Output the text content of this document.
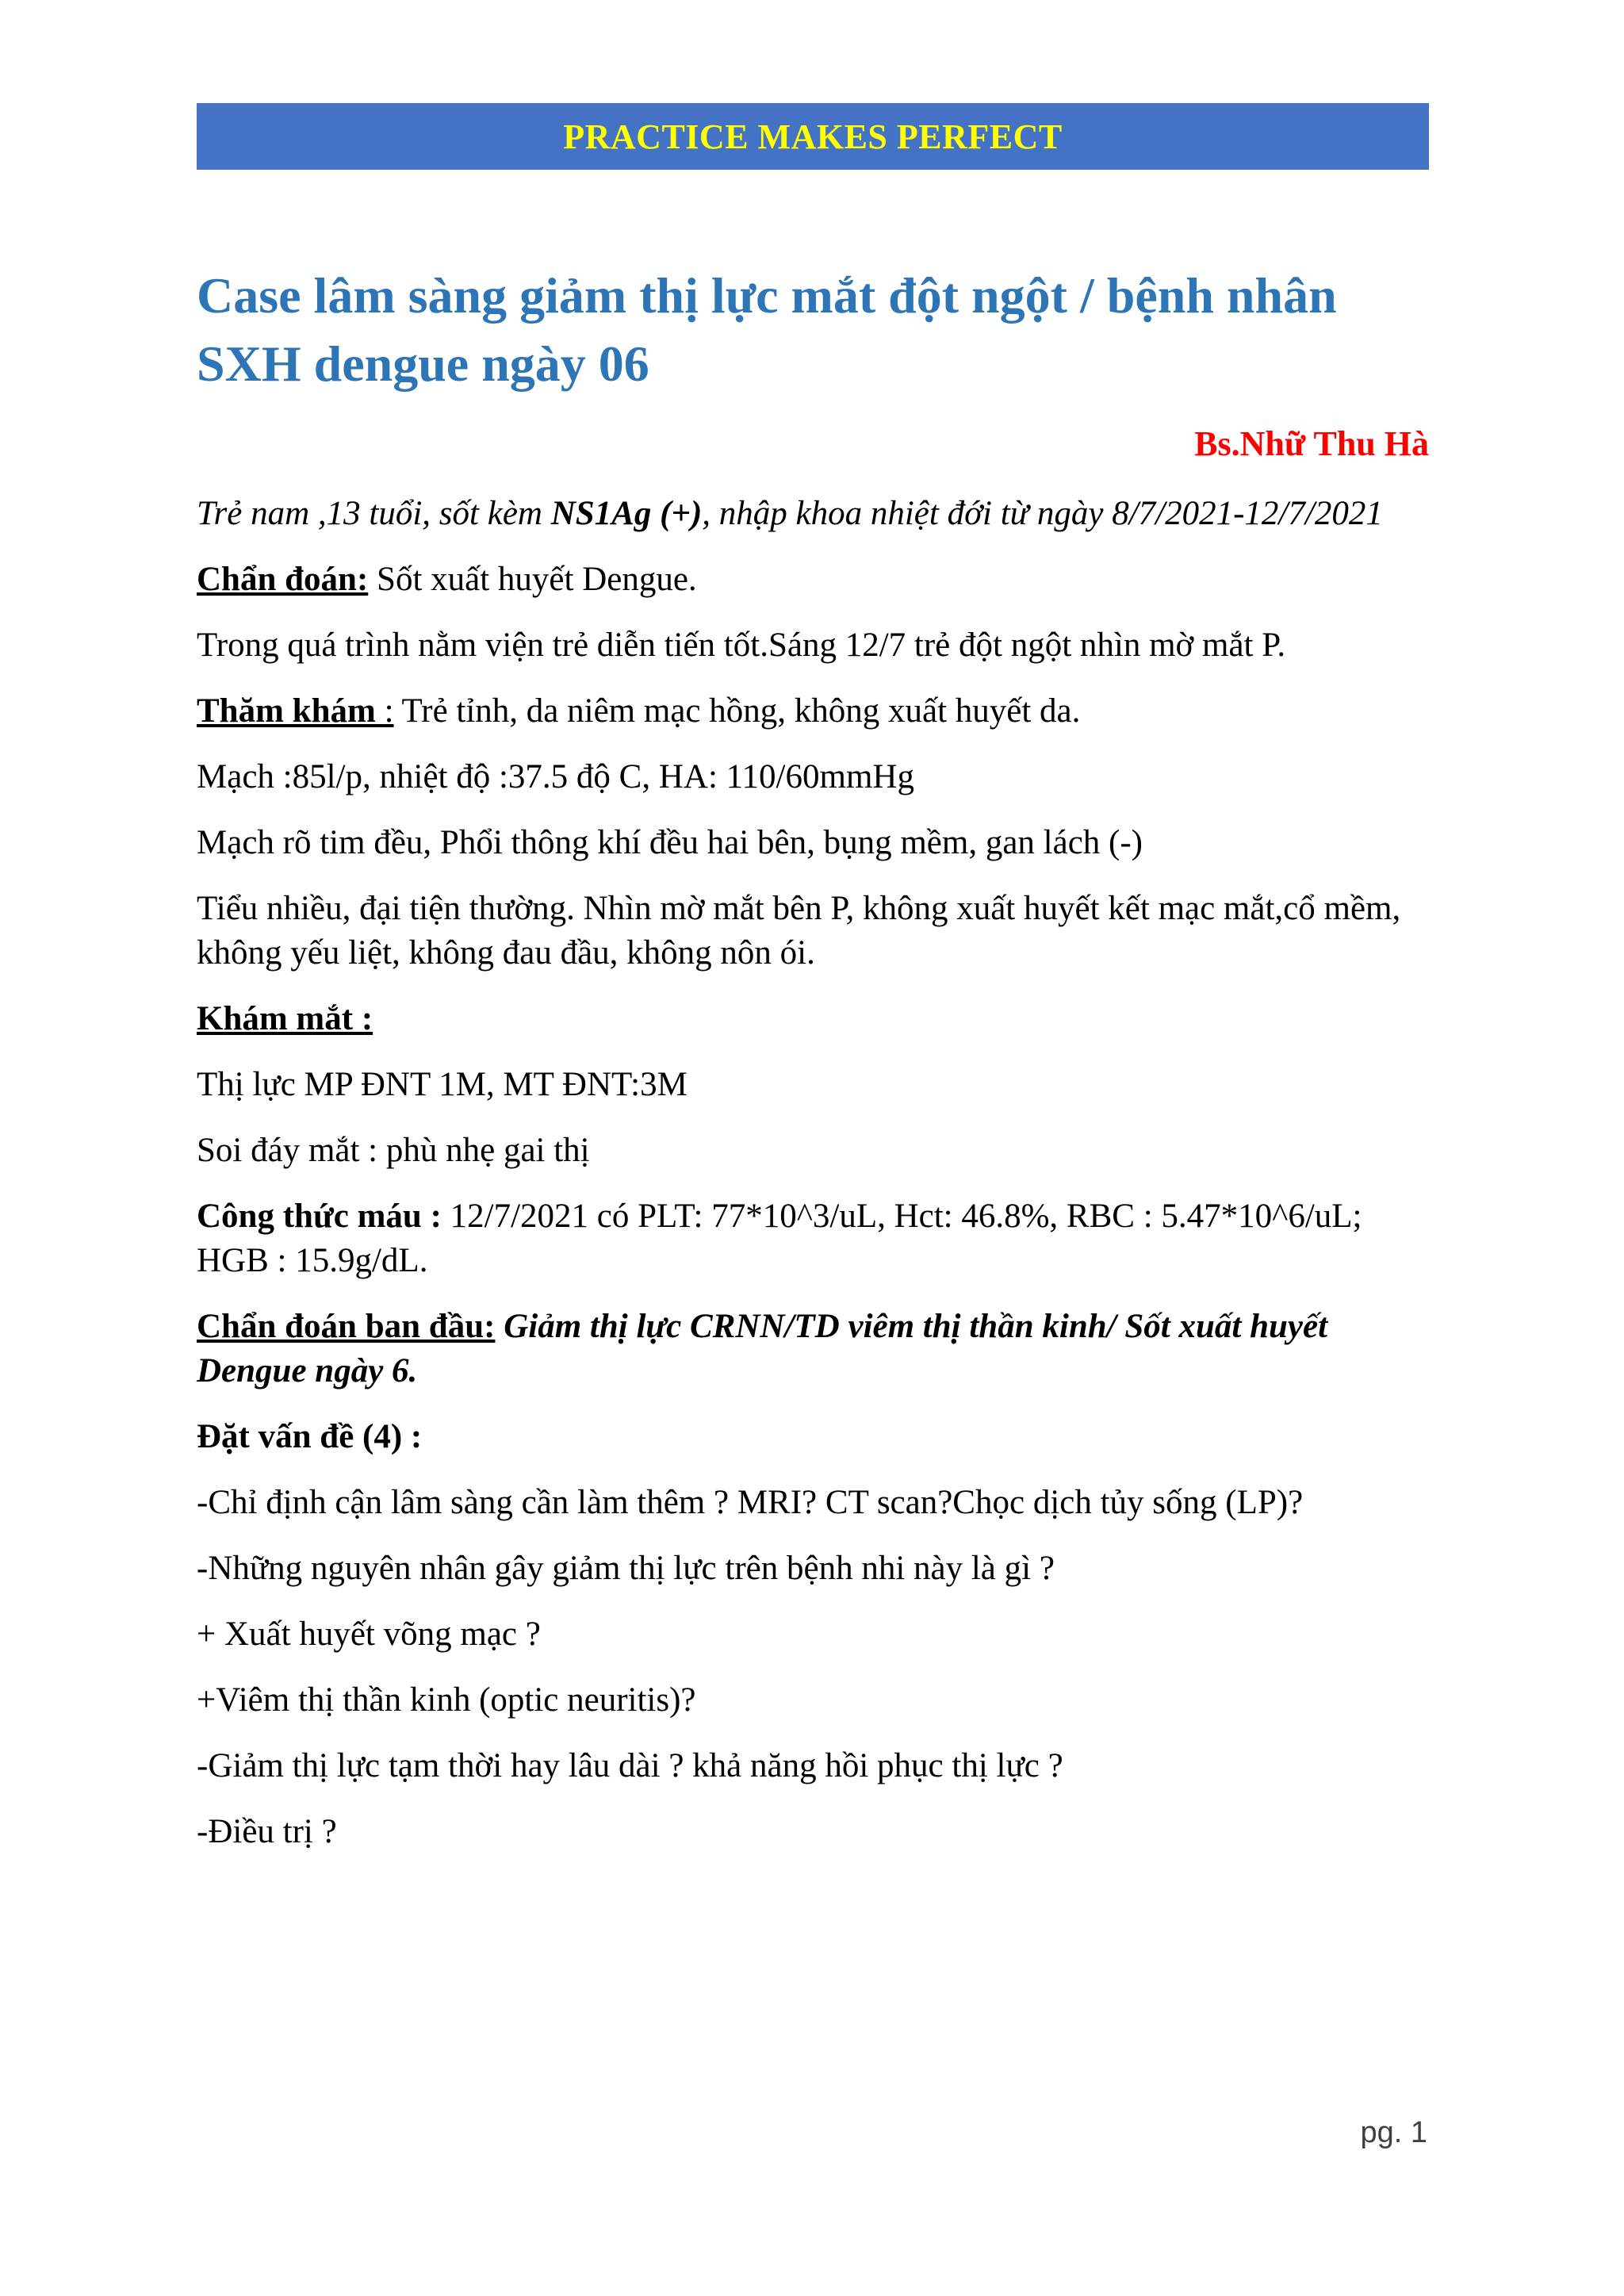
PRACTICE MAKES PERFECT
Case lâm sàng giảm thị lực mắt đột ngột / bệnh nhân SXH dengue ngày 06

Bs.Nhữ Thu Hà

Trẻ nam ,13 tuổi, sốt kèm NS1Ag (+), nhập khoa nhiệt đới từ ngày 8/7/2021-12/7/2021

Chẩn đoán: Sốt xuất huyết Dengue.

Trong quá trình nằm viện trẻ diễn tiến tốt.Sáng 12/7 trẻ đột ngột nhìn mờ mắt P.

Thăm khám : Trẻ tỉnh, da niêm mạc hồng, không xuất huyết da.

Mạch :85l/p, nhiệt độ :37.5 độ C, HA: 110/60mmHg

Mạch rõ tim đều, Phổi thông khí đều hai bên, bụng mềm, gan lách (-)

Tiểu nhiều, đại tiện thường. Nhìn mờ mắt bên P, không xuất huyết kết mạc mắt,cổ mềm, không yếu liệt, không đau đầu, không nôn ói.

Khám mắt :

Thị lực MP ĐNT 1M, MT ĐNT:3M

Soi đáy mắt : phù nhẹ gai thị

Công thức máu : 12/7/2021 có PLT: 77*10^3/uL, Hct: 46.8%, RBC : 5.47*10^6/uL; HGB : 15.9g/dL.

Chẩn đoán ban đầu: Giảm thị lực CRNN/TD viêm thị thần kinh/ Sốt xuất huyết Dengue ngày 6.

Đặt vấn đề (4) :

-Chỉ định cận lâm sàng cần làm thêm ? MRI? CT scan?Chọc dịch tủy sống (LP)?

-Những nguyên nhân gây giảm thị lực trên bệnh nhi này là gì ?

+ Xuất huyết võng mạc ?

+Viêm thị thần kinh (optic neuritis)?

-Giảm thị lực tạm thời hay lâu dài ? khả năng hồi phục thị lực ?

-Điều trị ?

pg. 1
